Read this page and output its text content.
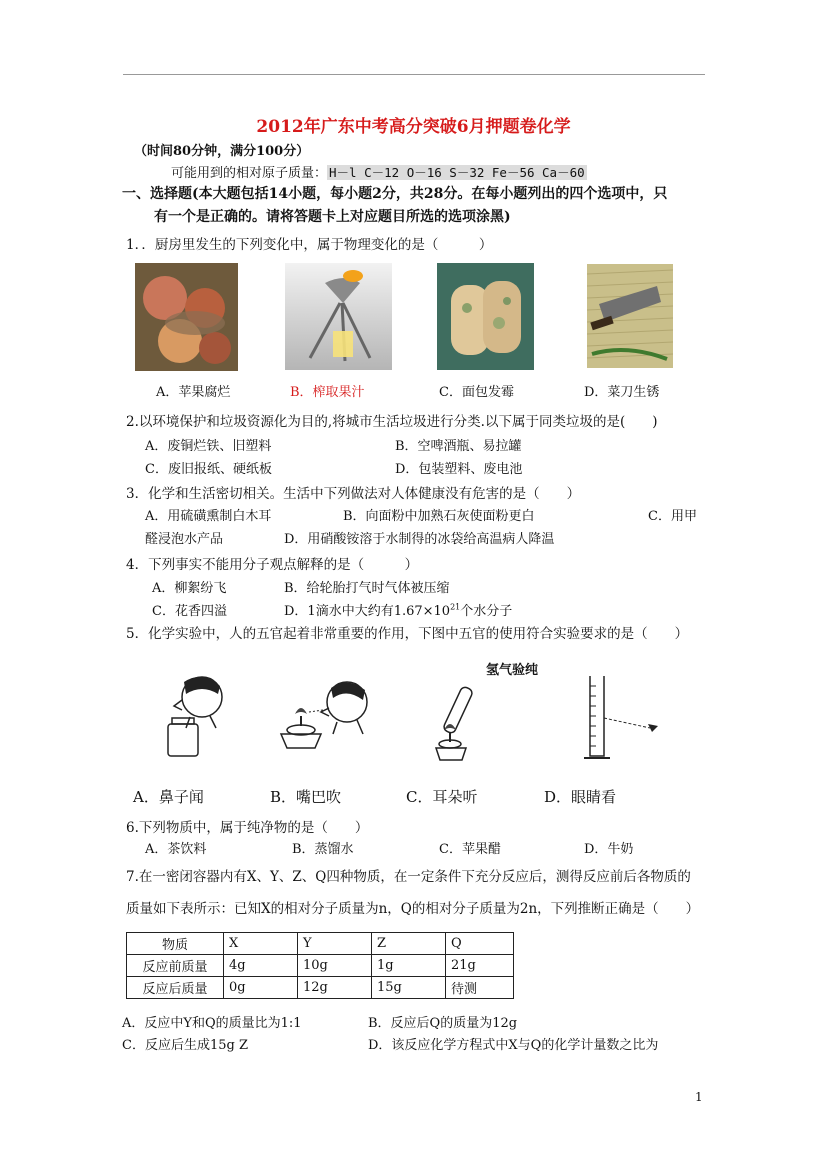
2012年广东中考高分突破6月押题卷化学
（时间80分钟，满分100分）
可能用到的相对原子质量： H－l C－12 O－16 S－32 Fe－56 Ca－60
一、选择题(本大题包括14小题，每小题2分，共28分。在每小题列出的四个选项中，只
有一个是正确的。请将答题卡上对应题目所选的选项涂黑)
1．．厨房里发生的下列变化中，属于物理变化的是（　　　）
A．苹果腐烂	B．榨取果汁	C．面包发霉	D．菜刀生锈
2.以环境保护和垃圾资源化为目的,将城市生活垃圾进行分类.以下属于同类垃圾的是(　　)
A．废铜烂铁、旧塑料	B．空啤酒瓶、易拉罐
C．废旧报纸、硬纸板	D．包装塑料、废电池
3．化学和生活密切相关。生活中下列做法对人体健康没有危害的是（　　）
A．用硫磺熏制白木耳	B．向面粉中加熟石灰使面粉更白	C．用甲
醛浸泡水产品	D．用硝酸铵溶于水制得的冰袋给高温病人降温
4．下列事实不能用分子观点解释的是（　　　）
A．柳絮纷飞	B．给轮胎打气时气体被压缩
C．花香四溢	D．1滴水中大约有$1.67\times 10^{21}$个水分子
5．化学实验中，人的五官起着非常重要的作用，下图中五官的使用符合实验要求的是（　　）
氢气验纯
A．鼻子闻	B．嘴巴吹	C．耳朵听	D．眼睛看
6.下列物质中，属于纯净物的是（　　）
A．茶饮料	B．蒸馏水	C．苹果醋	D．牛奶
7.在一密闭容器内有X、Y、Z、Q四种物质，在一定条件下充分反应后，测得反应前后各物质的
质量如下表所示：已知X的相对分子质量为n，Q的相对分子质量为2n，下列推断正确是（　　）
物质	X	Y	Z	Q
反应前质量	4g	10g	1g	21g
反应后质量	0g	12g	15g	待测
A．反应中Y和Q的质量比为1:1	B．反应后Q的质量为12g
C．反应后生成15g Z	D．该反应化学方程式中X与Q的化学计量数之比为
1
